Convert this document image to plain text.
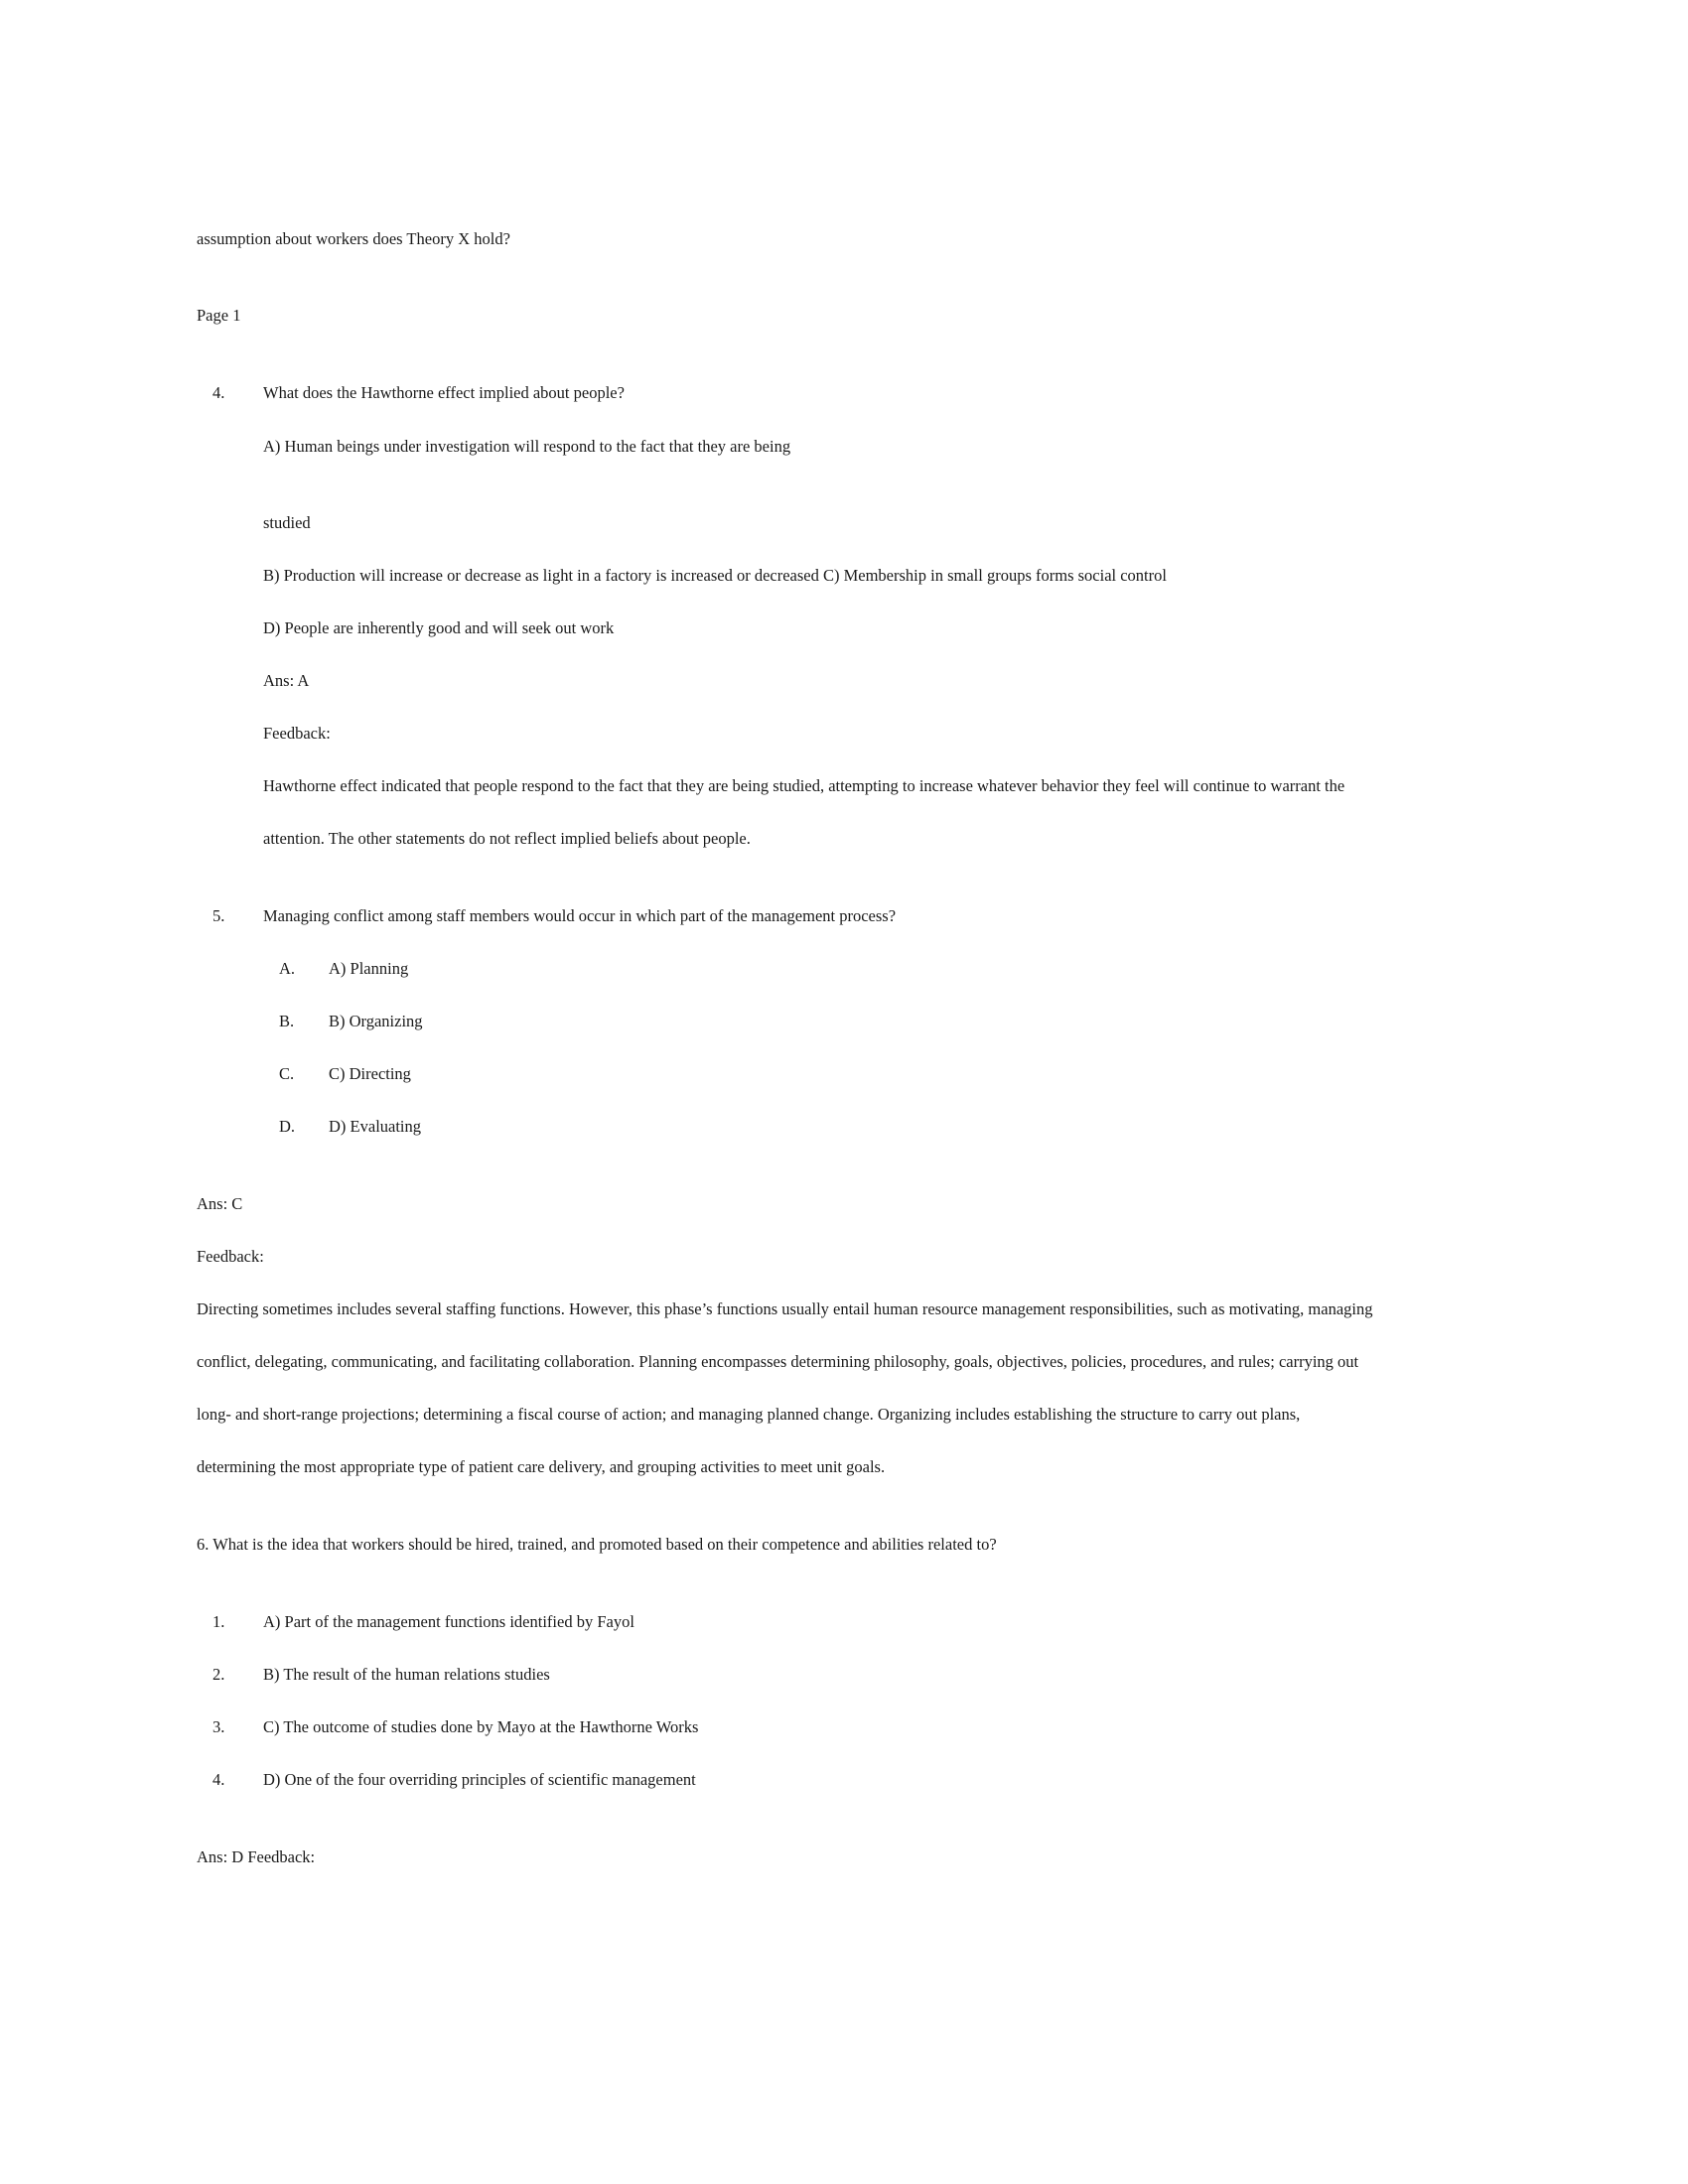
assumption about workers does Theory X hold?
Page 1
4. What does the Hawthorne effect implied about people?
A) Human beings under investigation will respond to the fact that they are being
studied
B) Production will increase or decrease as light in a factory is increased or decreased C) Membership in small groups forms social control
D) People are inherently good and will seek out work
Ans: A
Feedback:
Hawthorne effect indicated that people respond to the fact that they are being studied, attempting to increase whatever behavior they feel will continue to warrant the
attention. The other statements do not reflect implied beliefs about people.
5. Managing conflict among staff members would occur in which part of the management process?
A. A) Planning
B. B) Organizing
C. C) Directing
D. D) Evaluating
Ans: C
Feedback:
Directing sometimes includes several staffing functions. However, this phase’s functions usually entail human resource management responsibilities, such as motivating, managing
conflict, delegating, communicating, and facilitating collaboration. Planning encompasses determining philosophy, goals, objectives, policies, procedures, and rules; carrying out
long- and short-range projections; determining a fiscal course of action; and managing planned change. Organizing includes establishing the structure to carry out plans,
determining the most appropriate type of patient care delivery, and grouping activities to meet unit goals.
6. What is the idea that workers should be hired, trained, and promoted based on their competence and abilities related to?
1. A) Part of the management functions identified by Fayol
2. B) The result of the human relations studies
3. C) The outcome of studies done by Mayo at the Hawthorne Works
4. D) One of the four overriding principles of scientific management
Ans: D Feedback:
